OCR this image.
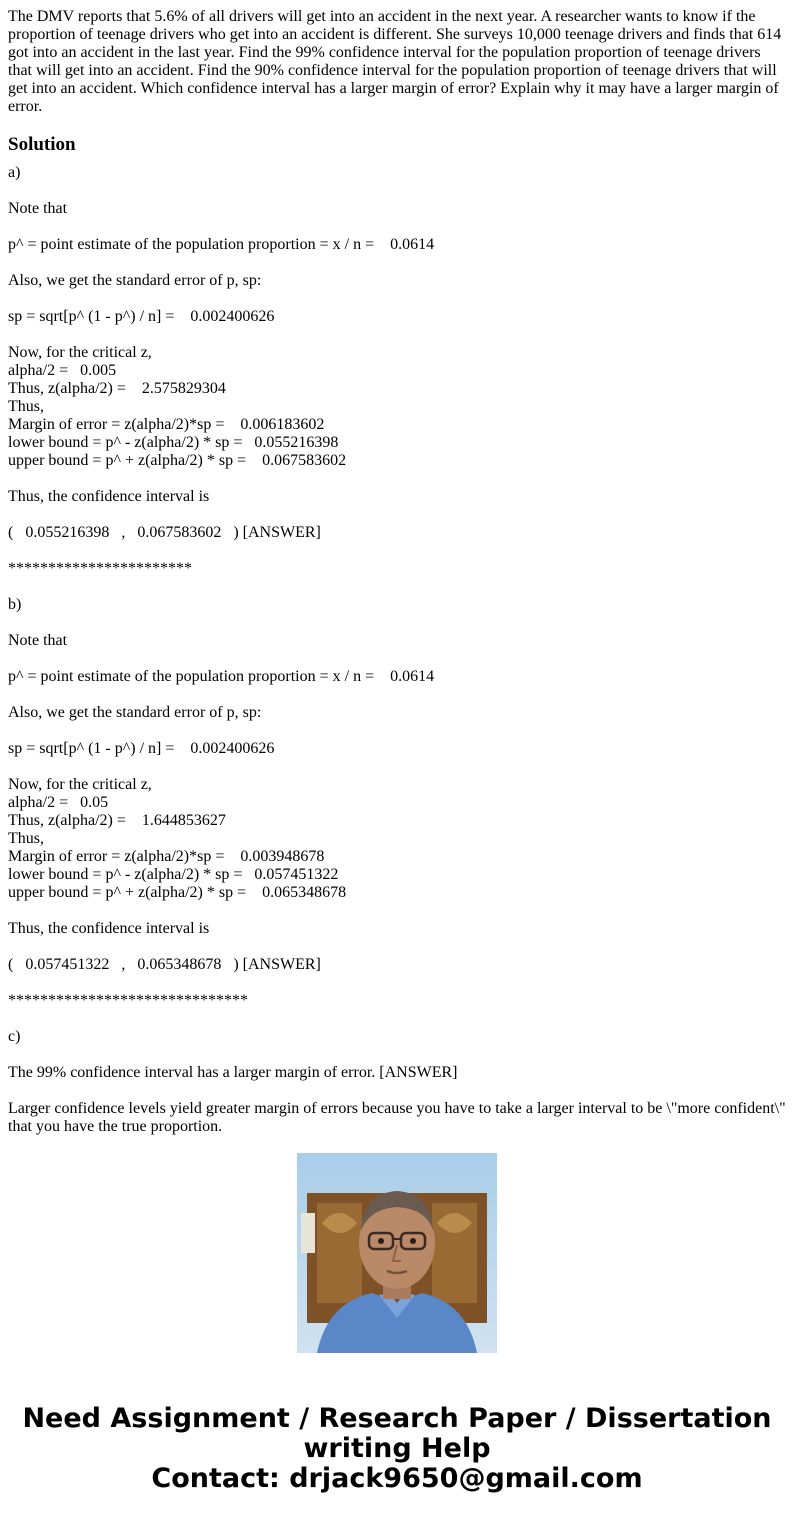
The DMV reports that 5.6% of all drivers will get into an accident in the next year. A researcher wants to know if the proportion of teenage drivers who get into an accident is different. She surveys 10,000 teenage drivers and finds that 614 got into an accident in the last year. Find the 99% confidence interval for the population proportion of teenage drivers that will get into an accident. Find the 90% confidence interval for the population proportion of teenage drivers that will get into an accident. Which confidence interval has a larger margin of error? Explain why it may have a larger margin of error.

Solution

a)

Note that

p^ = point estimate of the population proportion = x / n =    0.0614

Also, we get the standard error of p, sp:

sp = sqrt[p^ (1 - p^) / n] =    0.002400626

Now, for the critical z,

alpha/2 =   0.005

Thus, z(alpha/2) =    2.575829304

Thus,

Margin of error = z(alpha/2)*sp =    0.006183602

lower bound = p^ - z(alpha/2) * sp =   0.055216398

upper bound = p^ + z(alpha/2) * sp =    0.067583602

Thus, the confidence interval is

(   0.055216398   ,   0.067583602   ) [ANSWER]

***********************

b)

Note that

p^ = point estimate of the population proportion = x / n =    0.0614

Also, we get the standard error of p, sp:

sp = sqrt[p^ (1 - p^) / n] =    0.002400626

Now, for the critical z,

alpha/2 =   0.05

Thus, z(alpha/2) =    1.644853627

Thus,

Margin of error = z(alpha/2)*sp =    0.003948678

lower bound = p^ - z(alpha/2) * sp =   0.057451322

upper bound = p^ + z(alpha/2) * sp =    0.065348678

Thus, the confidence interval is

(   0.057451322   ,   0.065348678   ) [ANSWER]

******************************

c)

The 99% confidence interval has a larger margin of error. [ANSWER]

Larger confidence levels yield greater margin of errors because you have to take a larger interval to be \"more confident\" that you have the true proportion.

Need Assignment / Research Paper / Dissertation
writing Help
Contact: drjack9650@gmail.com
